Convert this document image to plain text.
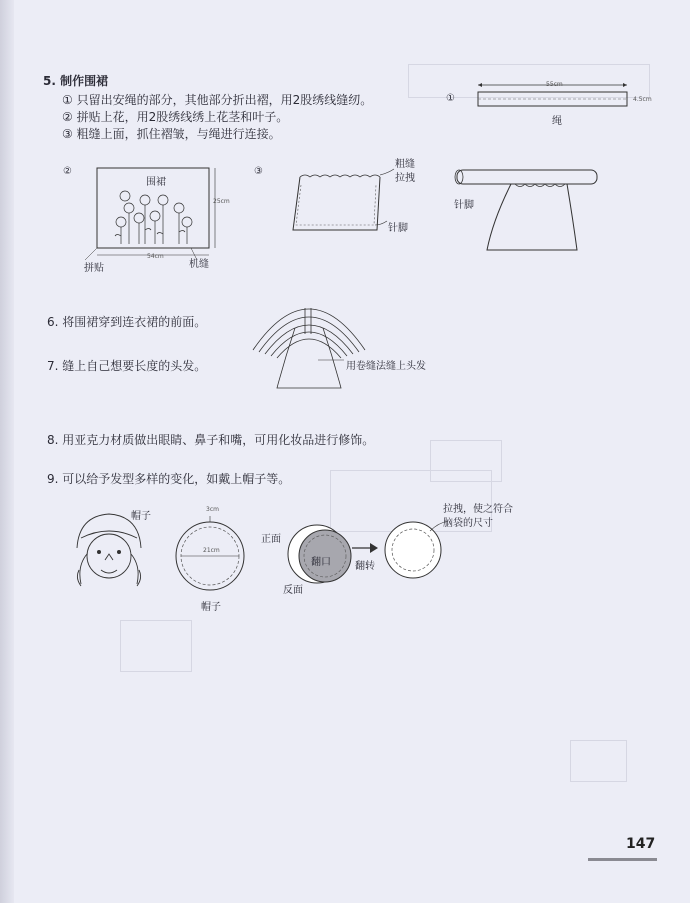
5. 制作围裙
① 只留出安绳的部分，其他部分折出褶，用2股绣线缝纫。
② 拼贴上花，用2股绣线绣上花茎和叶子。
③ 粗缝上面，抓住褶皱，与绳进行连接。
①
55cm
4.5cm
绳
②
围裙
25cm
54cm
拼贴	机缝
③
粗缝
拉拽
针脚
针脚
6. 将围裙穿到连衣裙的前面。
7. 缝上自己想要长度的头发。	用卷缝法缝上头发
8. 用亚克力材质做出眼睛、鼻子和嘴，可用化妆品进行修饰。
9. 可以给予发型多样的变化，如戴上帽子等。
帽子
3cm
21cm
帽子
正面
翻口
反面
翻转
拉拽，使之符合
脑袋的尺寸
147
